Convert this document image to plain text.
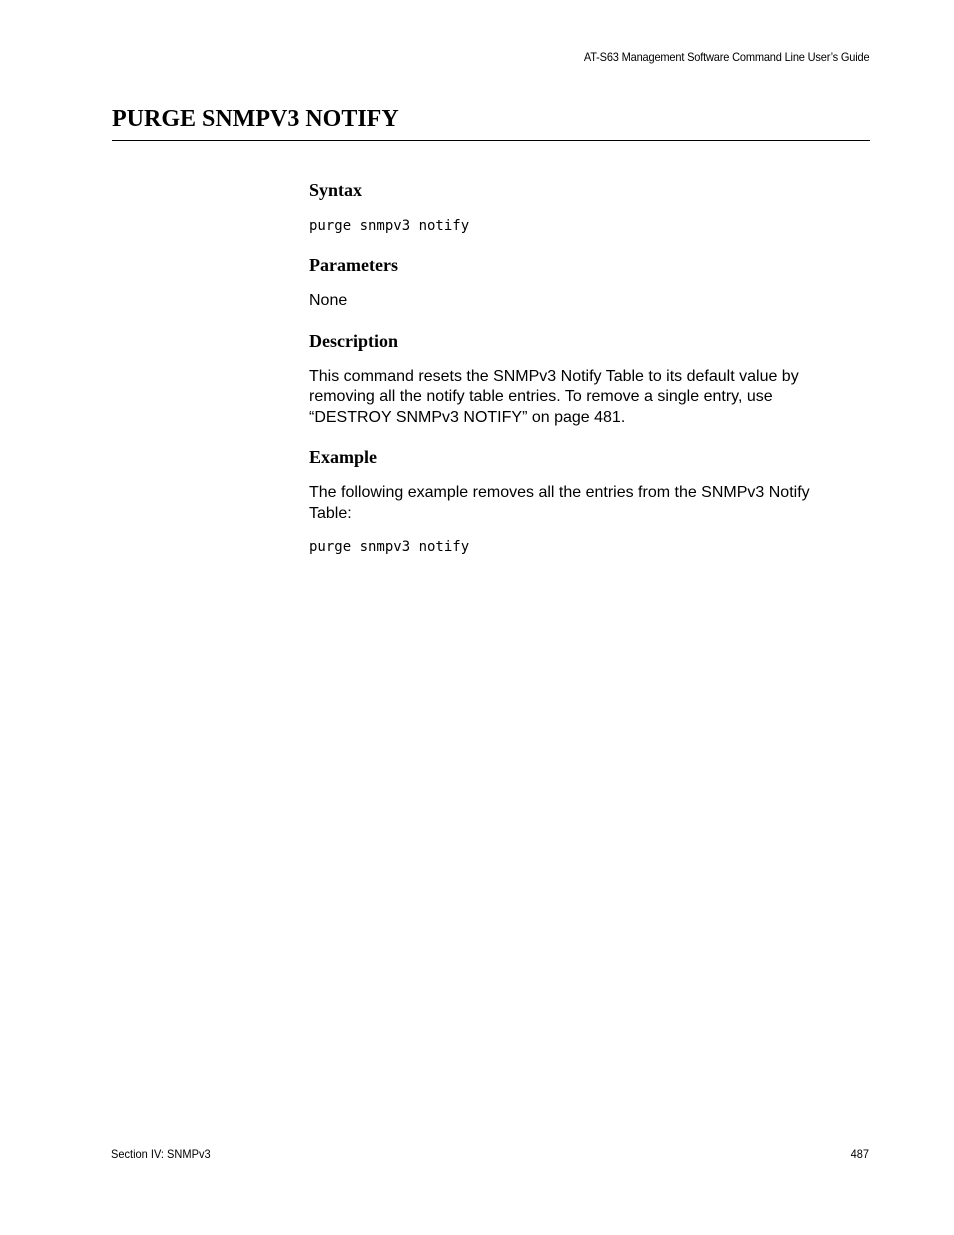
AT-S63 Management Software Command Line User’s Guide
PURGE SNMPV3 NOTIFY
Syntax

purge snmpv3 notify

Parameters

None

Description

This command resets the SNMPv3 Notify Table to its default value by

removing all the notify table entries. To remove a single entry, use

“DESTROY SNMPv3 NOTIFY” on page 481.

Example

The following example removes all the entries from the SNMPv3 Notify

Table:

purge snmpv3 notify

Section IV: SNMPv3	487
